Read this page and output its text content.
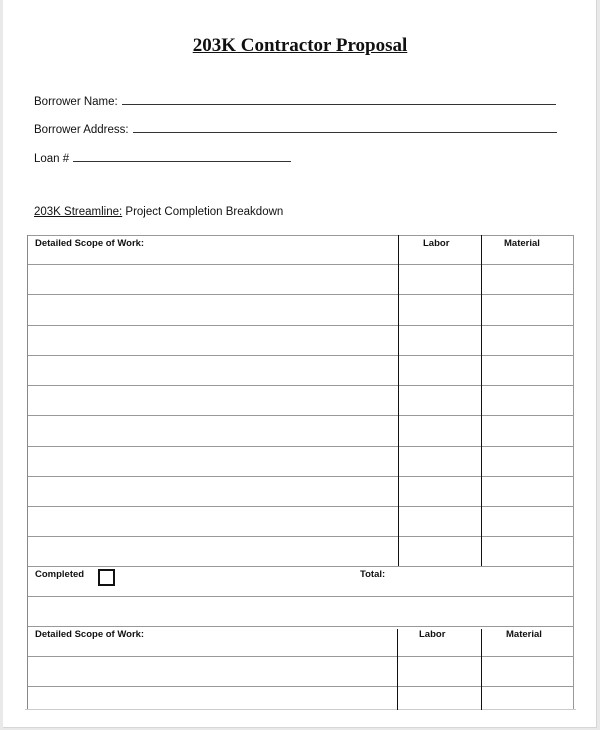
203K Contractor Proposal
Borrower Name:
Borrower Address:
Loan #
203K Streamline: Project Completion Breakdown
Detailed Scope of Work:	Labor	Material
Completed	Total:
Detailed Scope of Work:	Labor	Material
